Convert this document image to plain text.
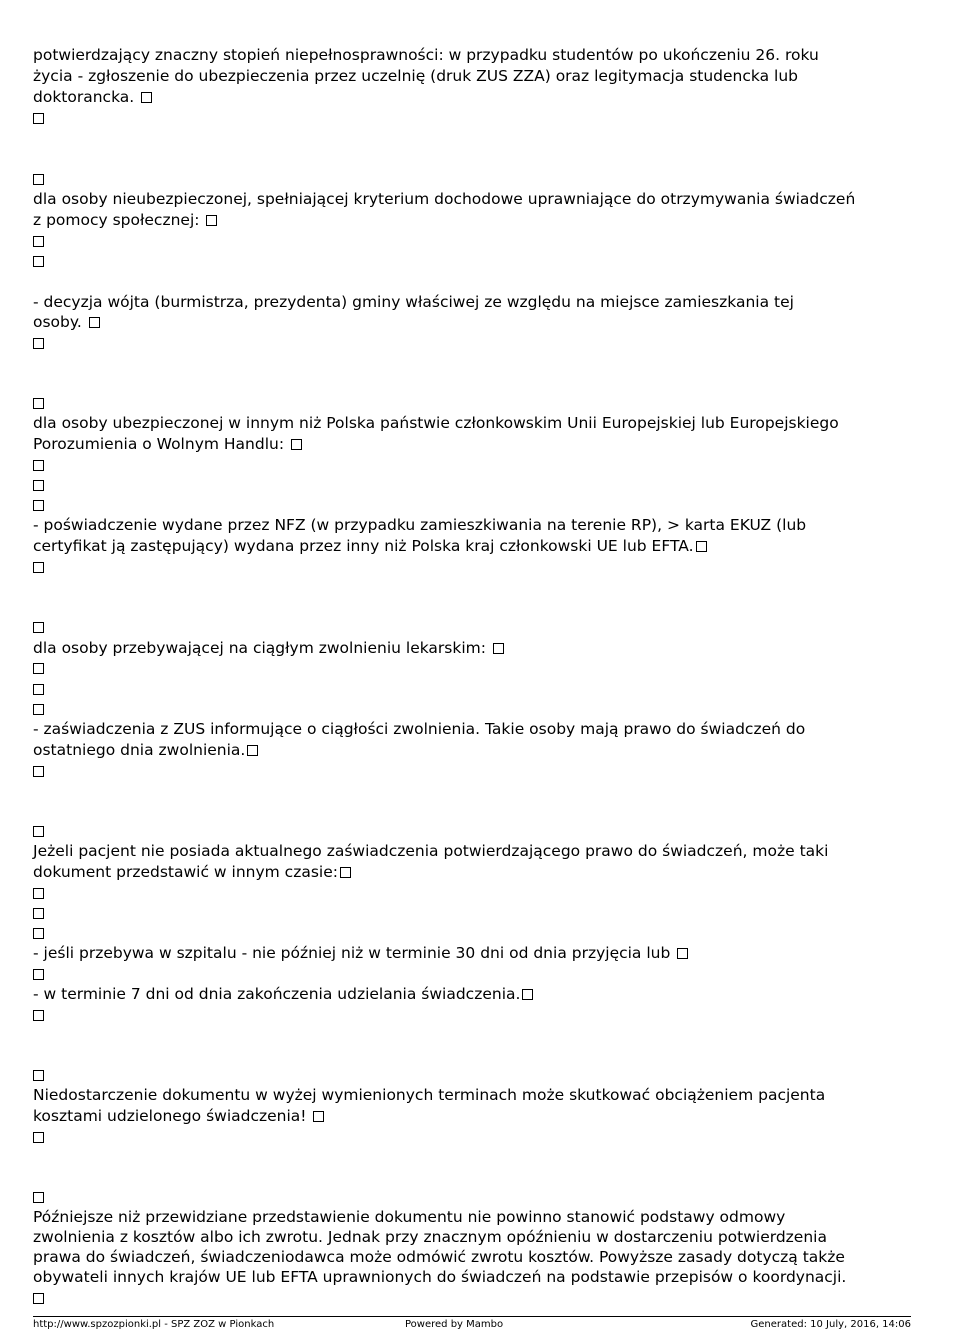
potwierdzający znaczny stopień niepełnosprawności: w przypadku studentów po ukończeniu 26. roku
życia - zgłoszenie do ubezpieczenia przez uczelnię (druk ZUS ZZA) oraz legitymacja studencka lub
doktorancka.
dla osoby nieubezpieczonej, spełniającej kryterium dochodowe uprawniające do otrzymywania świadczeń
z pomocy społecznej:
- decyzja wójta (burmistrza, prezydenta) gminy właściwej ze względu na miejsce zamieszkania tej
osoby.
dla osoby ubezpieczonej w innym niż Polska państwie członkowskim Unii Europejskiej lub Europejskiego
Porozumienia o Wolnym Handlu:
- poświadczenie wydane przez NFZ (w przypadku zamieszkiwania na terenie RP), > karta EKUZ (lub
certyfikat ją zastępujący) wydana przez inny niż Polska kraj członkowski UE lub EFTA.
dla osoby przebywającej na ciągłym zwolnieniu lekarskim:
- zaświadczenia z ZUS informujące o ciągłości zwolnienia. Takie osoby mają prawo do świadczeń do
ostatniego dnia zwolnienia.
Jeżeli pacjent nie posiada aktualnego zaświadczenia potwierdzającego prawo do świadczeń, może taki
dokument przedstawić w innym czasie:
- jeśli przebywa w szpitalu - nie później niż w terminie 30 dni od dnia przyjęcia lub
- w terminie 7 dni od dnia zakończenia udzielania świadczenia.
Niedostarczenie dokumentu w wyżej wymienionych terminach może skutkować obciążeniem pacjenta
kosztami udzielonego świadczenia!
Późniejsze niż przewidziane przedstawienie dokumentu nie powinno stanowić podstawy odmowy
zwolnienia z kosztów albo ich zwrotu. Jednak przy znacznym opóźnieniu w dostarczeniu potwierdzenia
prawa do świadczeń, świadczeniodawca może odmówić zwrotu kosztów. Powyższe zasady dotyczą także
obywateli innych krajów UE lub EFTA uprawnionych do świadczeń na podstawie przepisów o koordynacji.
http://www.spzozpionki.pl - SPZ ZOZ w Pionkach	Powered by Mambo	Generated: 10 July, 2016, 14:06
